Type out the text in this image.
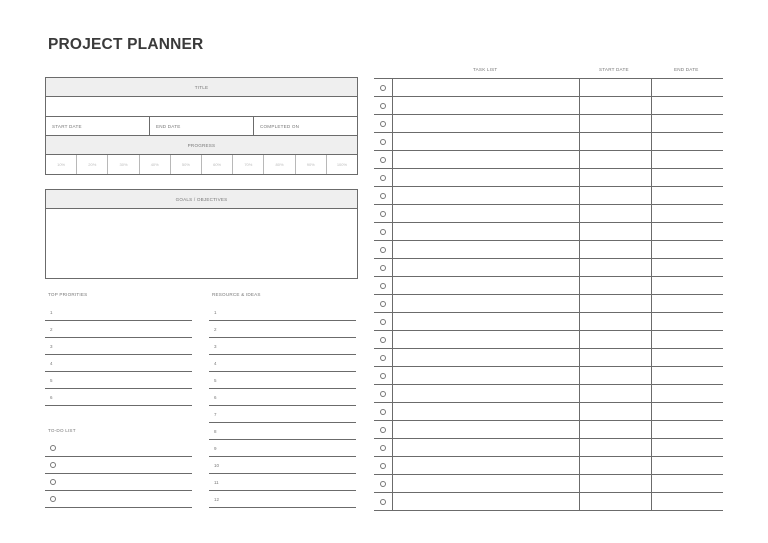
PROJECT PLANNER
TITLE
START DATE	END DATE	COMPLETED ON
PROGRESS
10%	20%	30%	40%	50%	60%	70%	80%	90%	100%
GOALS / OBJECTIVES
TOP PRIORITIES
1
2
3
4
5
6
TO-DO LIST
RESOURCE & IDEAS
1
2
3
4
5
6
7
8
9
10
11
12
TASK LIST	START DATE	END DATE
